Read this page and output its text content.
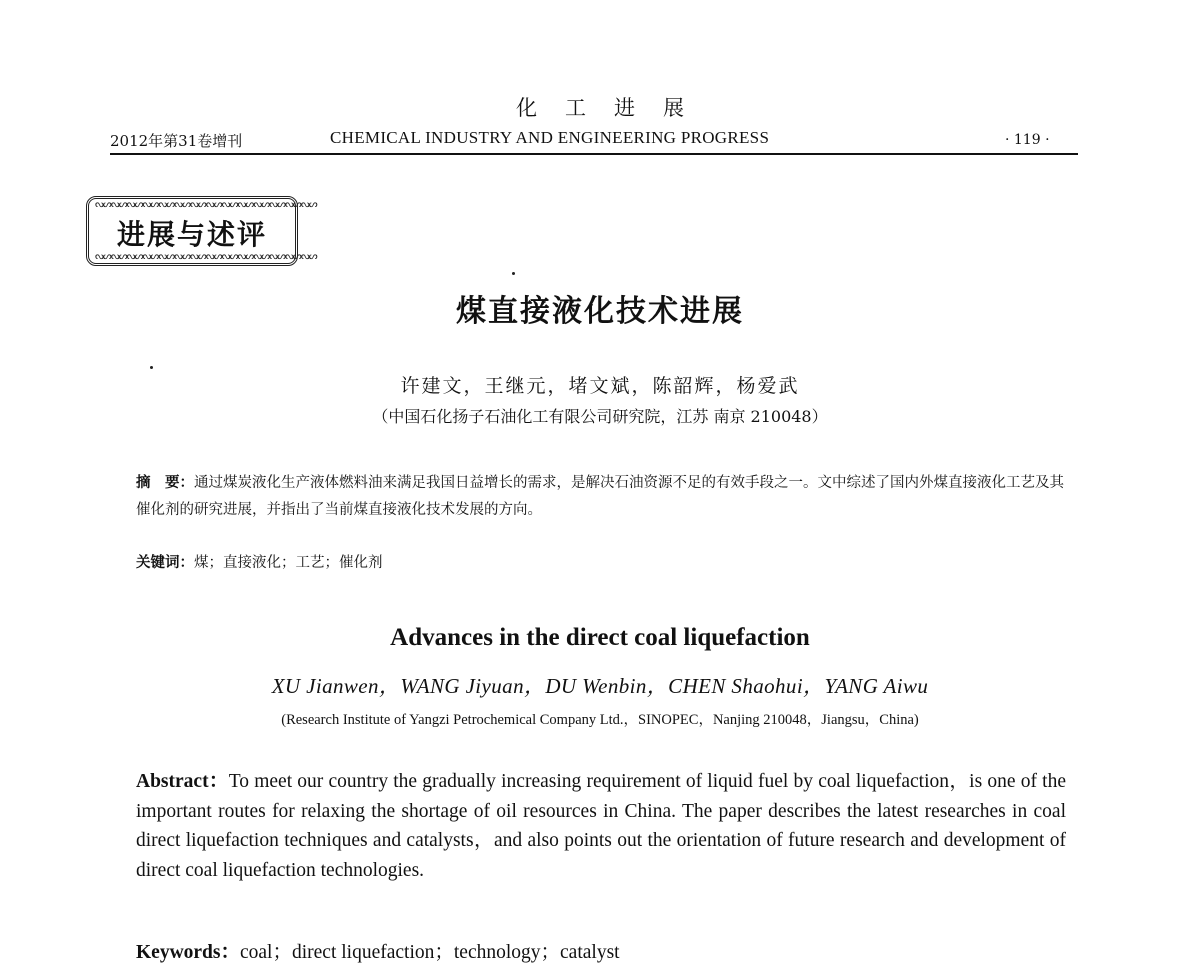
化工进展
2012年第31卷增刊	CHEMICAL INDUSTRY AND ENGINEERING PROGRESS	· 119 ·
ᔓᔕᔓᔕᔓᔕᔓᔕᔓᔕᔓᔕᔓᔕᔓᔕᔓᔕᔓᔕᔓᔕᔓᔕᔓᔕᔓᔕ
进展与述评
ᔓᔕᔓᔕᔓᔕᔓᔕᔓᔕᔓᔕᔓᔕᔓᔕᔓᔕᔓᔕᔓᔕᔓᔕᔓᔕᔓᔕ
煤直接液化技术进展
许建文，王继元，堵文斌，陈韶辉，杨爱武
（中国石化扬子石油化工有限公司研究院，江苏 南京 210048）
摘　要：通过煤炭液化生产液体燃料油来满足我国日益增长的需求，是解决石油资源不足的有效手段之一。文中综述了国内外煤直接液化工艺及其催化剂的研究进展，并指出了当前煤直接液化技术发展的方向。
关键词：煤；直接液化；工艺；催化剂
Advances in the direct coal liquefaction
XU Jianwen，WANG Jiyuan，DU Wenbin，CHEN Shaohui，YANG Aiwu
(Research Institute of Yangzi Petrochemical Company Ltd.，SINOPEC，Nanjing 210048，Jiangsu，China)
Abstract：To meet our country the gradually increasing requirement of liquid fuel by coal liquefaction，is one of the important routes for relaxing the shortage of oil resources in China. The paper describes the latest researches in coal direct liquefaction techniques and catalysts，and also points out the orientation of future research and development of direct coal liquefaction technologies.
Keywords：coal；direct liquefaction；technology；catalyst
